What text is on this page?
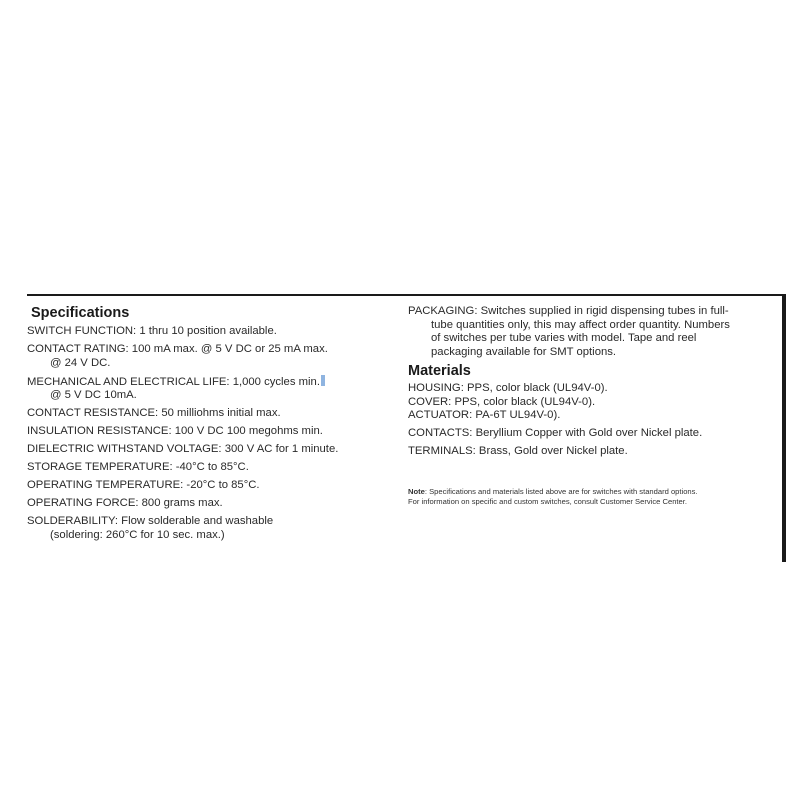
Specifications
SWITCH FUNCTION: 1 thru 10 position available.
CONTACT RATING: 100 mA max. @ 5 V DC or 25 mA max.
@ 24 V DC.
MECHANICAL AND ELECTRICAL LIFE: 1,000 cycles min.
@ 5 V DC 10mA.
CONTACT RESISTANCE: 50 milliohms initial max.
INSULATION RESISTANCE: 100 V DC 100 megohms min.
DIELECTRIC WITHSTAND VOLTAGE: 300 V AC for 1 minute.
STORAGE TEMPERATURE: -40°C to 85°C.
OPERATING TEMPERATURE: -20°C to 85°C.
OPERATING FORCE: 800 grams max.
SOLDERABILITY: Flow solderable and washable
(soldering: 260°C for 10 sec. max.)
PACKAGING: Switches supplied in rigid dispensing tubes in full-
tube quantities only, this may affect order quantity. Numbers
of switches per tube varies with model. Tape and reel
packaging available for SMT options.
Materials
HOUSING: PPS, color black (UL94V-0).
COVER: PPS, color black (UL94V-0).
ACTUATOR: PA-6T UL94V-0).
CONTACTS: Beryllium Copper with Gold over Nickel plate.
TERMINALS: Brass, Gold over Nickel plate.
Note: Specifications and materials listed above are for switches with standard options.
For information on specific and custom switches, consult Customer Service Center.
